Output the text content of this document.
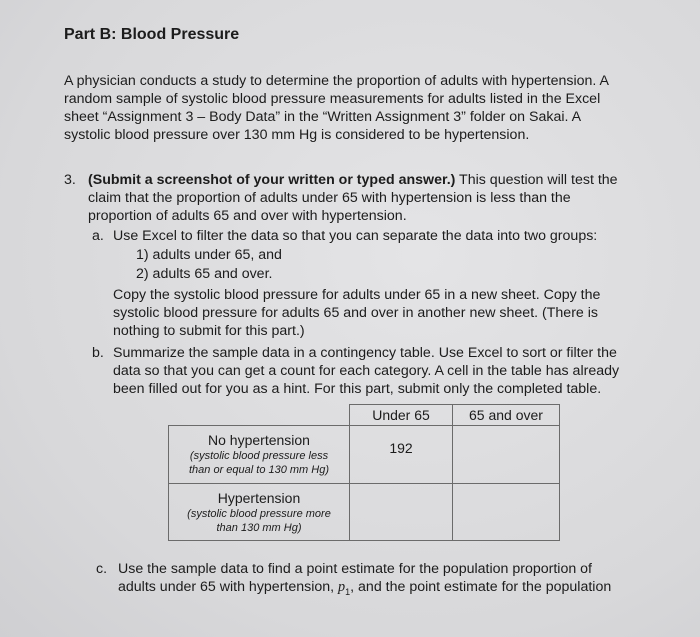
Part B: Blood Pressure
A physician conducts a study to determine the proportion of adults with hypertension. A
random sample of systolic blood pressure measurements for adults listed in the Excel
sheet “Assignment 3 – Body Data” in the “Written Assignment 3” folder on Sakai. A
systolic blood pressure over 130 mm Hg is considered to be hypertension.
3. (Submit a screenshot of your written or typed answer.) This question will test the
claim that the proportion of adults under 65 with hypertension is less than the
proportion of adults 65 and over with hypertension.
a. Use Excel to filter the data so that you can separate the data into two groups:
1) adults under 65, and
2) adults 65 and over.
Copy the systolic blood pressure for adults under 65 in a new sheet. Copy the
systolic blood pressure for adults 65 and over in another new sheet. (There is
nothing to submit for this part.)
b. Summarize the sample data in a contingency table. Use Excel to sort or filter the
data so that you can get a count for each category. A cell in the table has already
been filled out for you as a hint. For this part, submit only the completed table.
	Under 65	65 and over

No hypertension
(systolic blood pressure less
than or equal to 130 mm Hg)	192	

Hypertension
(systolic blood pressure more
than 130 mm Hg)		

c. Use the sample data to find a point estimate for the population proportion of
adults under 65 with hypertension, $p_1$, and the point estimate for the population
